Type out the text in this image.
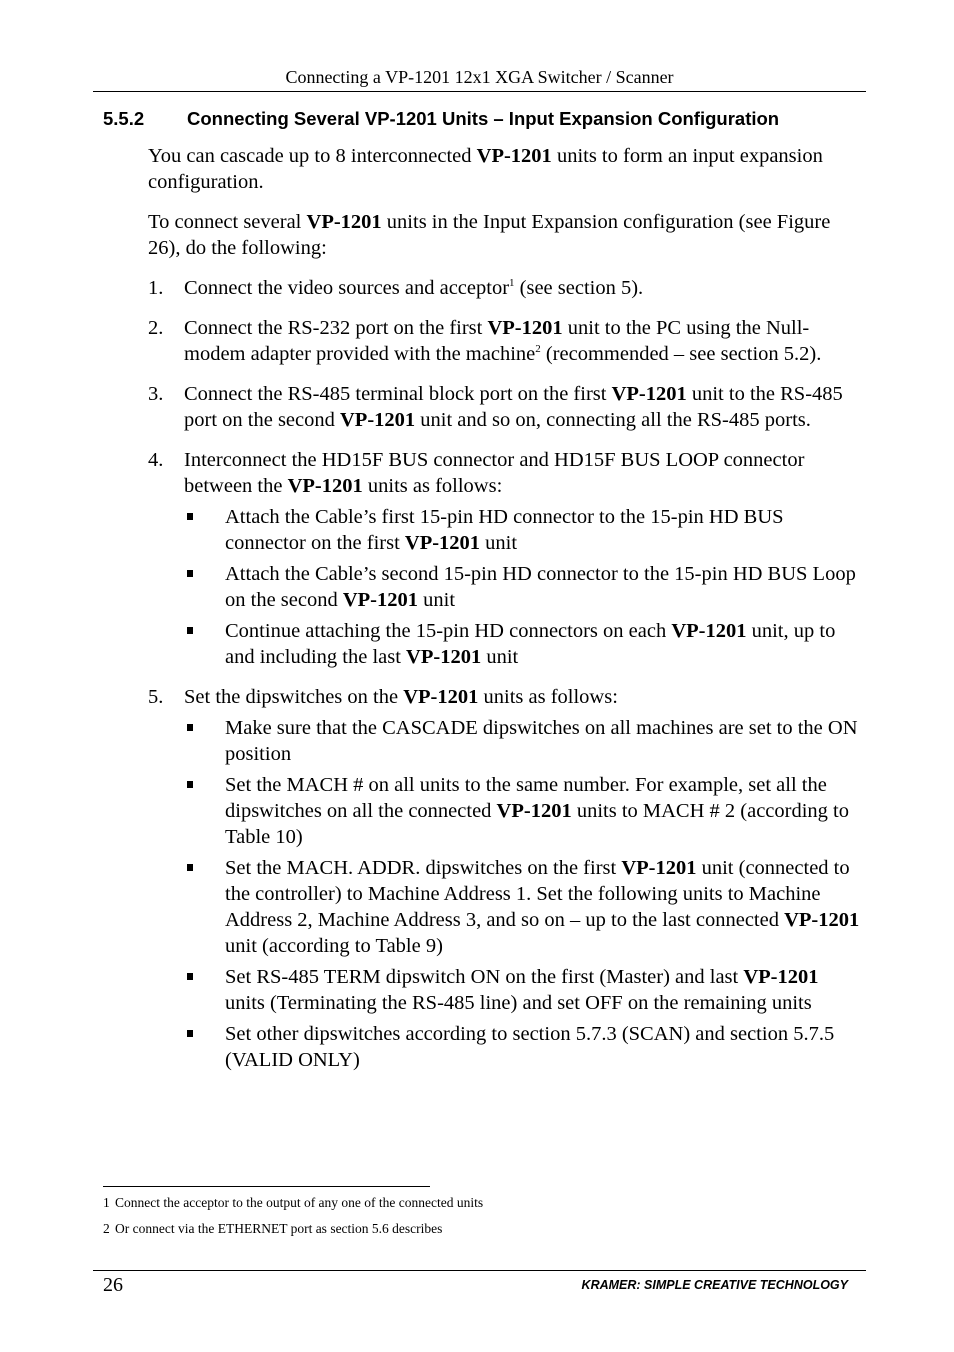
Connecting a VP-1201 12x1 XGA Switcher / Scanner
5.5.2 Connecting Several VP-1201 Units – Input Expansion Configuration

You can cascade up to 8 interconnected VP-1201 units to form an input expansion configuration.

To connect several VP-1201 units in the Input Expansion configuration (see Figure 26), do the following:

1. Connect the video sources and acceptor$^1$ (see section 5).
2. Connect the RS-232 port on the first VP-1201 unit to the PC using the Null-modem adapter provided with the machine$^2$ (recommended – see section 5.2).
3. Connect the RS-485 terminal block port on the first VP-1201 unit to the RS-485 port on the second VP-1201 unit and so on, connecting all the RS-485 ports.
4. Interconnect the HD15F BUS connector and HD15F BUS LOOP connector between the VP-1201 units as follows:
Attach the Cable’s first 15-pin HD connector to the 15-pin HD BUS connector on the first VP-1201 unit
Attach the Cable’s second 15-pin HD connector to the 15-pin HD BUS Loop on the second VP-1201 unit
Continue attaching the 15-pin HD connectors on each VP-1201 unit, up to and including the last VP-1201 unit
5. Set the dipswitches on the VP-1201 units as follows:
Make sure that the CASCADE dipswitches on all machines are set to the ON position
Set the MACH # on all units to the same number. For example, set all the dipswitches on all the connected VP-1201 units to MACH # 2 (according to Table 10)
Set the MACH. ADDR. dipswitches on the first VP-1201 unit (connected to the controller) to Machine Address 1. Set the following units to Machine Address 2, Machine Address 3, and so on – up to the last connected VP-1201 unit (according to Table 9)
Set RS-485 TERM dipswitch ON on the first (Master) and last VP-1201 units (Terminating the RS-485 line) and set OFF on the remaining units
Set other dipswitches according to section 5.7.3 (SCAN) and section 5.7.5 (VALID ONLY)
1 Connect the acceptor to the output of any one of the connected units
2 Or connect via the ETHERNET port as section 5.6 describes
26	KRAMER: SIMPLE CREATIVE TECHNOLOGY
